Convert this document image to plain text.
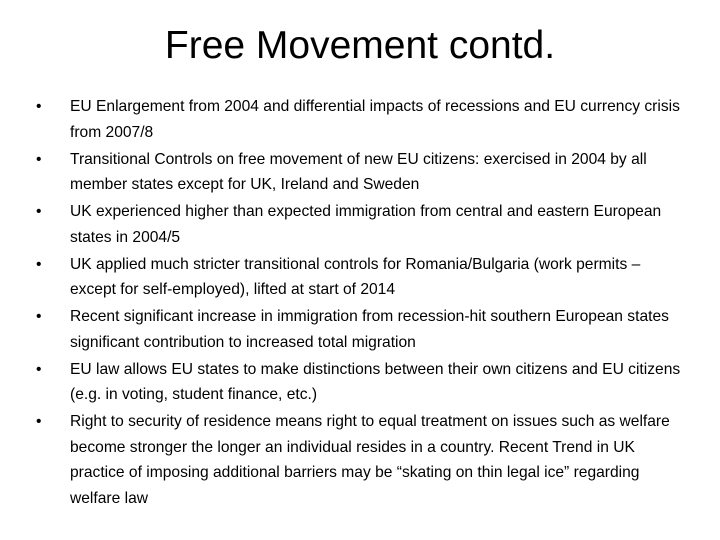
Free Movement contd.
•	EU Enlargement from 2004 and differential impacts of recessions and EU currency crisis from 2007/8
•	Transitional Controls on free movement of new EU citizens: exercised in 2004 by all member states except for UK, Ireland and Sweden
•	UK experienced higher than expected immigration from central and eastern European states in 2004/5
•	UK applied much stricter transitional controls for Romania/Bulgaria (work permits – except for self-employed), lifted at start of 2014
•	Recent significant increase in immigration from recession-hit southern European states significant contribution to increased total migration
•	EU law allows EU states to make distinctions between their own citizens and EU citizens (e.g. in voting, student finance, etc.)
•	Right to security of residence means right to equal treatment on issues such as welfare become stronger the longer an individual resides in a country. Recent Trend in UK practice of imposing additional barriers may be “skating on thin legal ice” regarding welfare law
